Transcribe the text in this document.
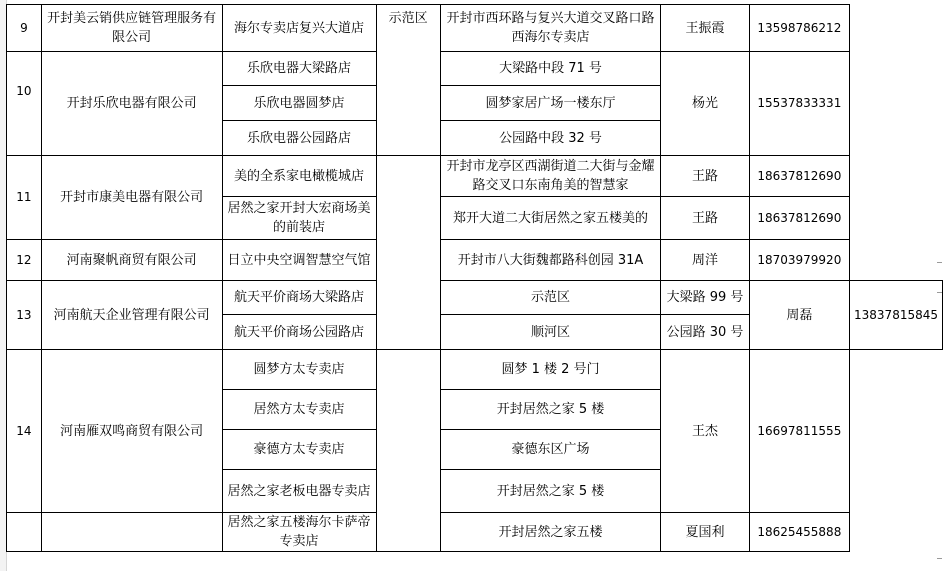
9	开封美云销供应链管理服务有限公司	海尔专卖店复兴大道店	示范区	开封市西环路与复兴大道交叉路口路西海尔专卖店	王振霞	13598786212	
10	开封乐欣电器有限公司	乐欣电器大梁路店		大梁路中段 71 号	杨光	15537833331	
		乐欣电器圆梦店		圆梦家居广场一楼东厅			
		乐欣电器公园路店		公园路中段 32 号			
11	开封市康美电器有限公司	美的全系家电橄榄城店		开封市龙亭区西湖街道二大街与金耀路交叉口东南角美的智慧家	王路	18637812690	
		居然之家开封大宏商场美的前装店		郑开大道二大街居然之家五楼美的	王路	18637812690	
12	河南聚帆商贸有限公司	日立中央空调智慧空气馆		开封市八大街魏都路科创园 31A	周洋	18703979920	
13	河南航天企业管理有限公司	航天平价商场大梁路店		示范区	大梁路 99 号	周磊	13837815845
		航天平价商场公园路店		顺河区	公园路 30 号		
14	河南雁双鸣商贸有限公司	圆梦方太专卖店		圆梦 1 楼 2 号门	王杰	16697811555	
		居然方太专卖店		开封居然之家 5 楼			
		豪德方太专卖店		豪德东区广场			
		居然之家老板电器专卖店		开封居然之家 5 楼			
		居然之家五楼海尔卡萨帝专卖店		开封居然之家五楼	夏国利	18625455888	
